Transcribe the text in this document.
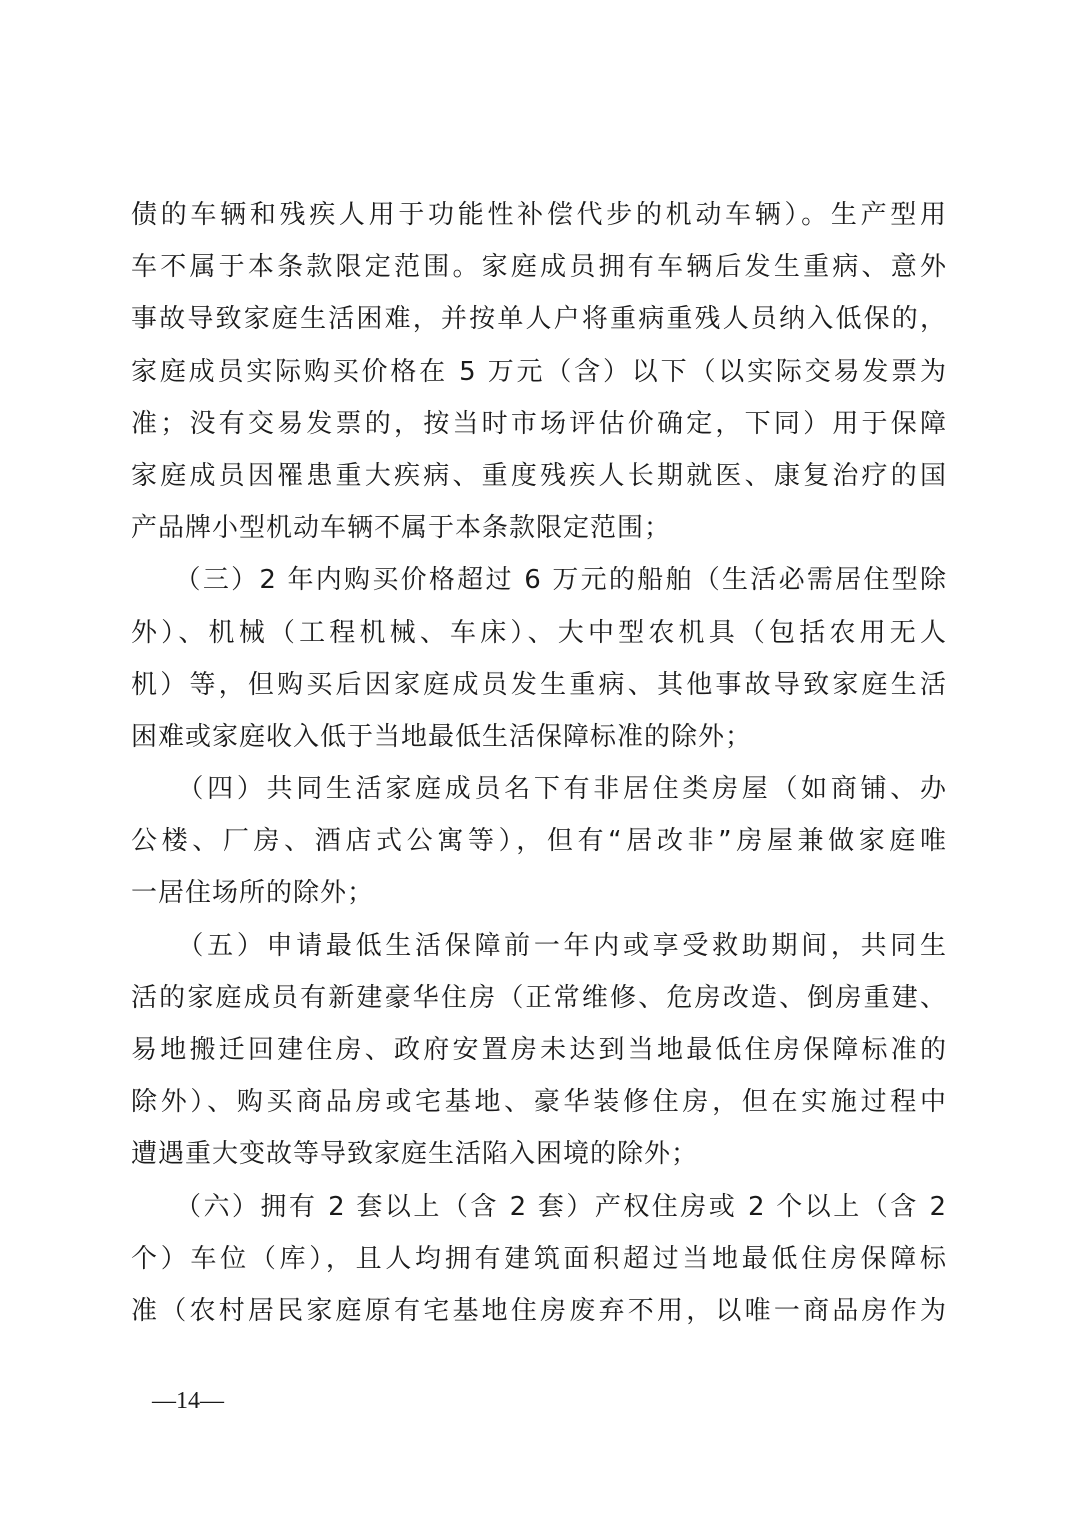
债的车辆和残疾人用于功能性补偿代步的机动车辆）。生产型用
车不属于本条款限定范围。家庭成员拥有车辆后发生重病、意外
事故导致家庭生活困难，并按单人户将重病重残人员纳入低保的，
家庭成员实际购买价格在 5 万元（含）以下（以实际交易发票为
准；没有交易发票的，按当时市场评估价确定，下同）用于保障
家庭成员因罹患重大疾病、重度残疾人长期就医、康复治疗的国
产品牌小型机动车辆不属于本条款限定范围；
　　（三）2 年内购买价格超过 6 万元的船舶（生活必需居住型除
外）、机械（工程机械、车床）、大中型农机具（包括农用无人
机）等，但购买后因家庭成员发生重病、其他事故导致家庭生活
困难或家庭收入低于当地最低生活保障标准的除外；
　　（四）共同生活家庭成员名下有非居住类房屋（如商铺、办
公楼、厂房、酒店式公寓等），但有“居改非”房屋兼做家庭唯
一居住场所的除外；
　　（五）申请最低生活保障前一年内或享受救助期间，共同生
活的家庭成员有新建豪华住房（正常维修、危房改造、倒房重建、
易地搬迁回建住房、政府安置房未达到当地最低住房保障标准的
除外）、购买商品房或宅基地、豪华装修住房，但在实施过程中
遭遇重大变故等导致家庭生活陷入困境的除外；
　　（六）拥有 2 套以上（含 2 套）产权住房或 2 个以上（含 2
个）车位（库），且人均拥有建筑面积超过当地最低住房保障标
准（农村居民家庭原有宅基地住房废弃不用，以唯一商品房作为
—14—
